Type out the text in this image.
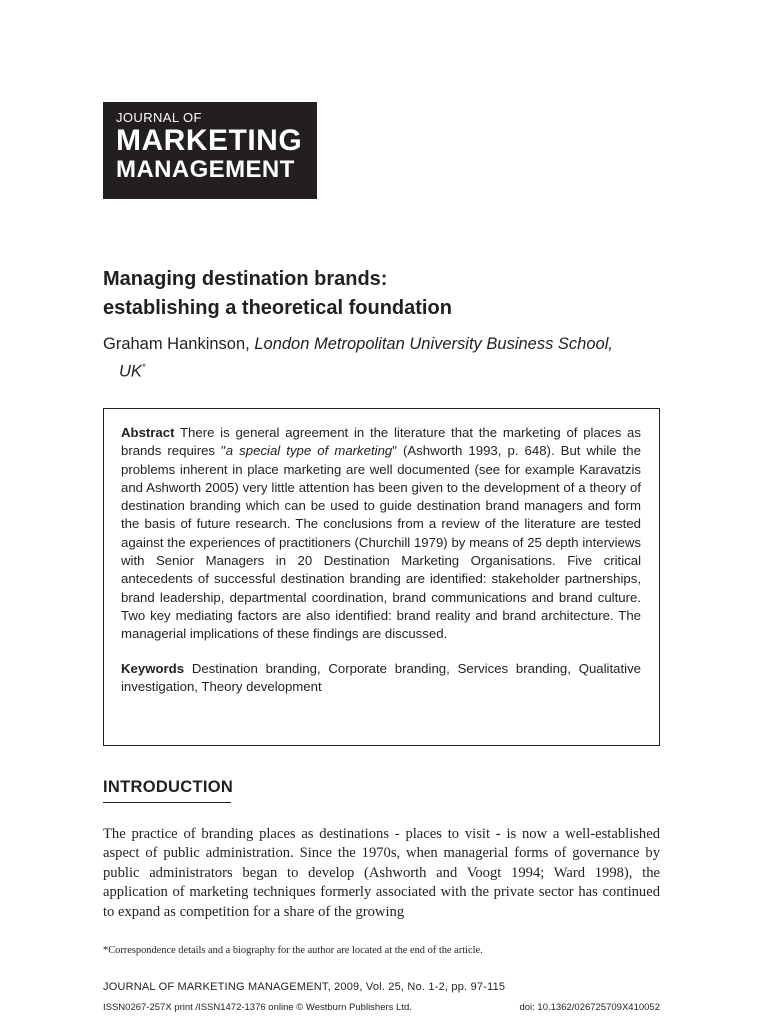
JOURNAL OF
MARKETING
MANAGEMENT
Managing destination brands:
establishing a theoretical foundation
Graham Hankinson, London Metropolitan University Business School,
UK*
Abstract There is general agreement in the literature that the marketing of places as brands requires "a special type of marketing" (Ashworth 1993, p. 648). But while the problems inherent in place marketing are well documented (see for example Karavatzis and Ashworth 2005) very little attention has been given to the development of a theory of destination branding which can be used to guide destination brand managers and form the basis of future research. The conclusions from a review of the literature are tested against the experiences of practitioners (Churchill 1979) by means of 25 depth interviews with Senior Managers in 20 Destination Marketing Organisations. Five critical antecedents of successful destination branding are identified: stakeholder partnerships, brand leadership, departmental coordination, brand communications and brand culture. Two key mediating factors are also identified: brand reality and brand architecture. The managerial implications of these findings are discussed.
Keywords Destination branding, Corporate branding, Services branding, Qualitative investigation, Theory development
INTRODUCTION
The practice of branding places as destinations - places to visit - is now a well-established aspect of public administration. Since the 1970s, when managerial forms of governance by public administrators began to develop (Ashworth and Voogt 1994; Ward 1998), the application of marketing techniques formerly associated with the private sector has continued to expand as competition for a share of the growing
*Correspondence details and a biography for the author are located at the end of the article.
JOURNAL OF MARKETING MANAGEMENT, 2009, Vol. 25, No. 1-2, pp. 97-115
ISSN0267-257X print /ISSN1472-1376 online © Westburn Publishers Ltd.	doi: 10.1362/026725709X410052
